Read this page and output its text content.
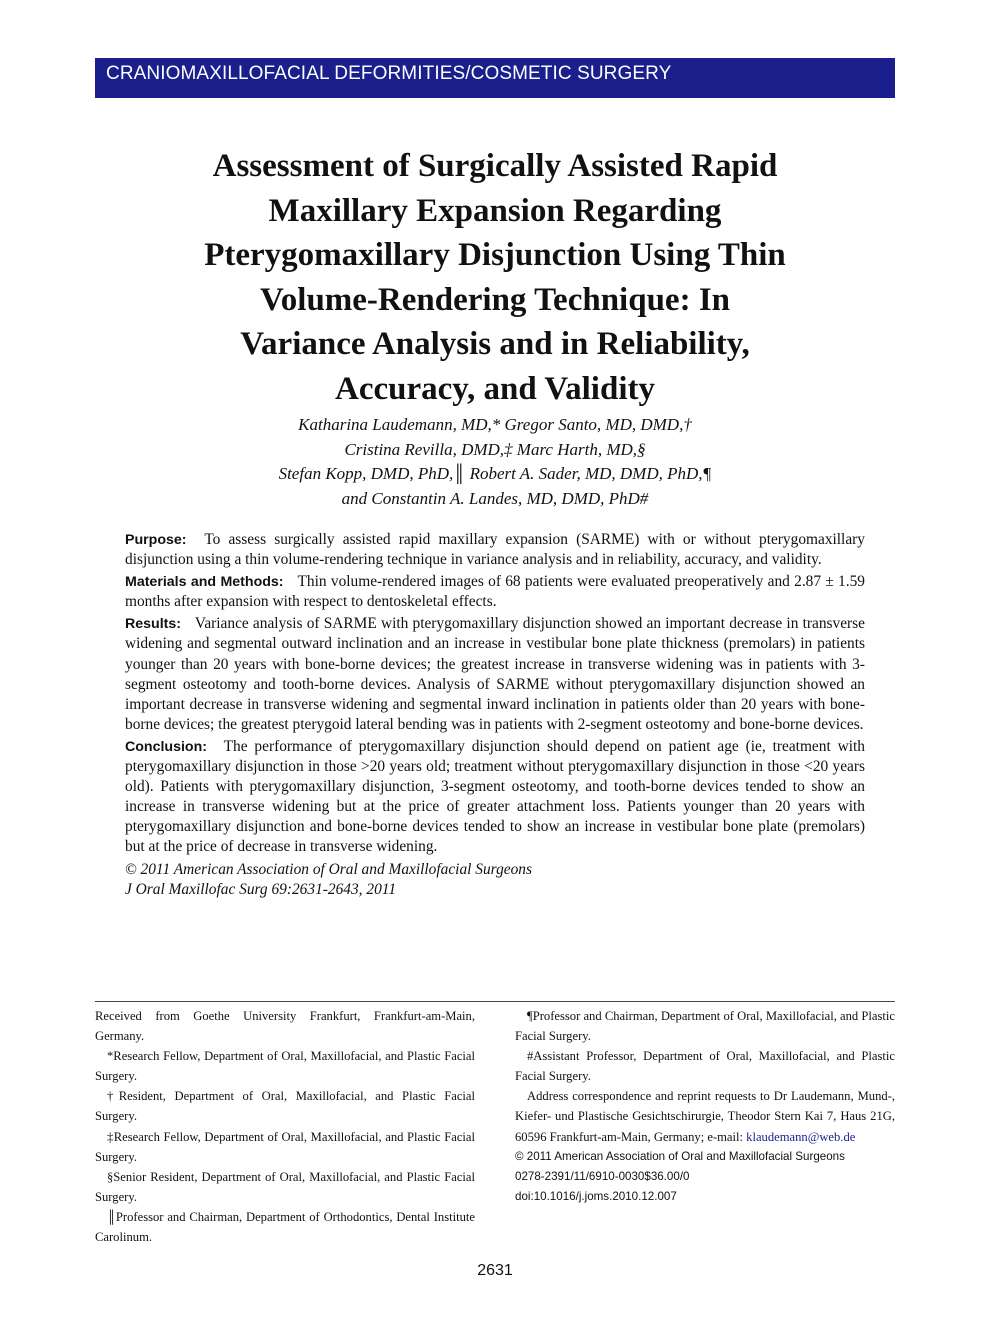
CRANIOMAXILLOFACIAL DEFORMITIES/COSMETIC SURGERY
Assessment of Surgically Assisted Rapid
Maxillary Expansion Regarding
Pterygomaxillary Disjunction Using Thin
Volume-Rendering Technique: In
Variance Analysis and in Reliability,
Accuracy, and Validity
Katharina Laudemann, MD,* Gregor Santo, MD, DMD,†
Cristina Revilla, DMD,‡ Marc Harth, MD,§
Stefan Kopp, DMD, PhD,║ Robert A. Sader, MD, DMD, PhD,¶
and Constantin A. Landes, MD, DMD, PhD#

Purpose: To assess surgically assisted rapid maxillary expansion (SARME) with or without pterygomaxillary disjunction using a thin volume-rendering technique in variance analysis and in reliability, accuracy, and validity.

Materials and Methods: Thin volume-rendered images of 68 patients were evaluated preoperatively and 2.87 ± 1.59 months after expansion with respect to dentoskeletal effects.

Results: Variance analysis of SARME with pterygomaxillary disjunction showed an important decrease in transverse widening and segmental outward inclination and an increase in vestibular bone plate thickness (premolars) in patients younger than 20 years with bone-borne devices; the greatest increase in transverse widening was in patients with 3-segment osteotomy and tooth-borne devices. Analysis of SARME without pterygomaxillary disjunction showed an important decrease in transverse widening and segmental inward inclination in patients older than 20 years with bone-borne devices; the greatest pterygoid lateral bending was in patients with 2-segment osteotomy and bone-borne devices.

Conclusion: The performance of pterygomaxillary disjunction should depend on patient age (ie, treatment with pterygomaxillary disjunction in those >20 years old; treatment without pterygomaxillary disjunction in those <20 years old). Patients with pterygomaxillary disjunction, 3-segment osteotomy, and tooth-borne devices tended to show an increase in transverse widening but at the price of greater attachment loss. Patients younger than 20 years with pterygomaxillary disjunction and bone-borne devices tended to show an increase in vestibular bone plate (premolars) but at the price of decrease in transverse widening.

© 2011 American Association of Oral and Maxillofacial Surgeons
J Oral Maxillofac Surg 69:2631-2643, 2011

Received from Goethe University Frankfurt, Frankfurt-am-Main, Germany.

*Research Fellow, Department of Oral, Maxillofacial, and Plastic Facial Surgery.

†Resident, Department of Oral, Maxillofacial, and Plastic Facial Surgery.

‡Research Fellow, Department of Oral, Maxillofacial, and Plastic Facial Surgery.

§Senior Resident, Department of Oral, Maxillofacial, and Plastic Facial Surgery.

║Professor and Chairman, Department of Orthodontics, Dental Institute Carolinum.

¶Professor and Chairman, Department of Oral, Maxillofacial, and Plastic Facial Surgery.

#Assistant Professor, Department of Oral, Maxillofacial, and Plastic Facial Surgery.

Address correspondence and reprint requests to Dr Laudemann, Mund-, Kiefer- und Plastische Gesichtschirurgie, Theodor Stern Kai 7, Haus 21G, 60596 Frankfurt-am-Main, Germany; e-mail: klaudemann@web.de

© 2011 American Association of Oral and Maxillofacial Surgeons

0278-2391/11/6910-0030$36.00/0

doi:10.1016/j.joms.2010.12.007

2631
